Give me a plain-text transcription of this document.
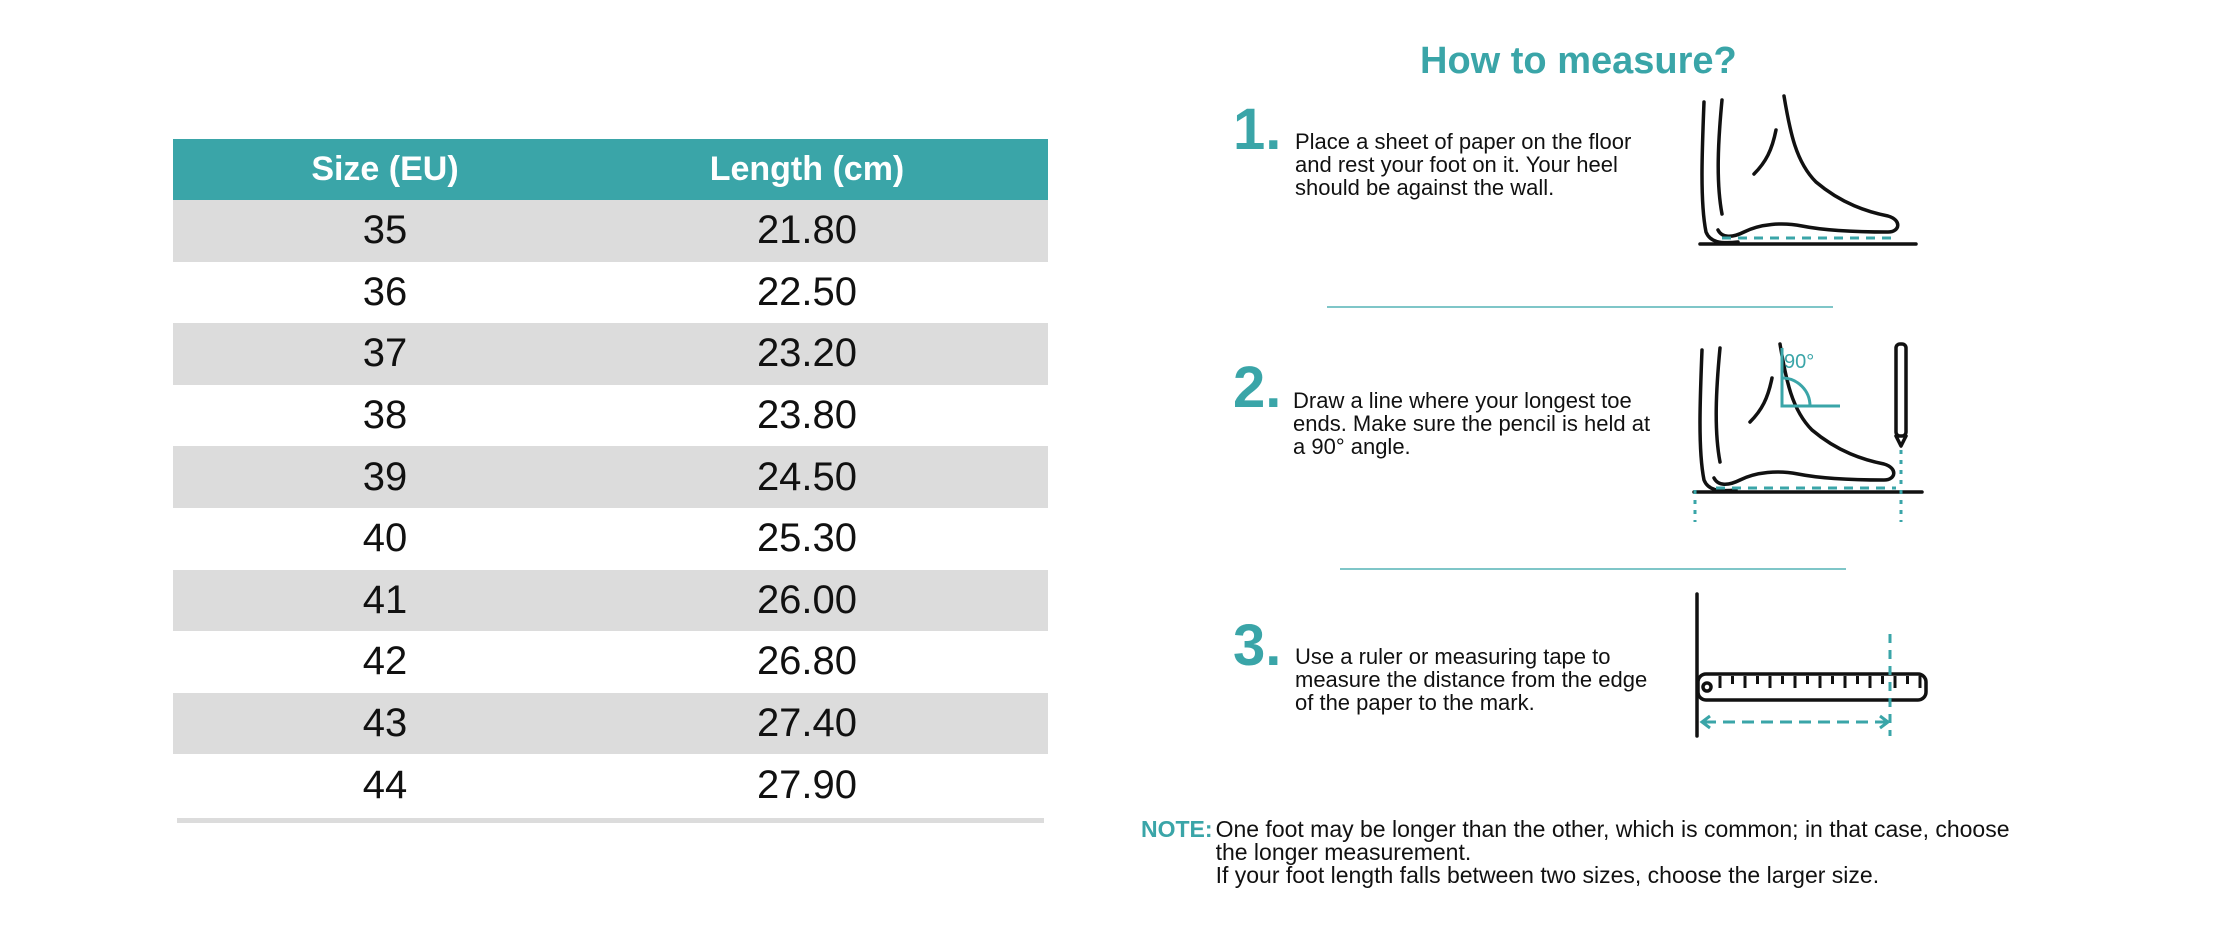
Size (EU)	Length (cm)
35	21.80
36	22.50
37	23.20
38	23.80
39	24.50
40	25.30
41	26.00
42	26.80
43	27.40
44	27.90
How to measure?
1. Place a sheet of paper on the floor and rest your foot on it. Your heel should be against the wall.
2. Draw a line where your longest toe ends. Make sure the pencil is held at a 90° angle.
90°
3. Use a ruler or measuring tape to measure the distance from the edge of the paper to the mark.
NOTE: One foot may be longer than the other, which is common; in that case, choose the longer measurement.
If your foot length falls between two sizes, choose the larger size.
